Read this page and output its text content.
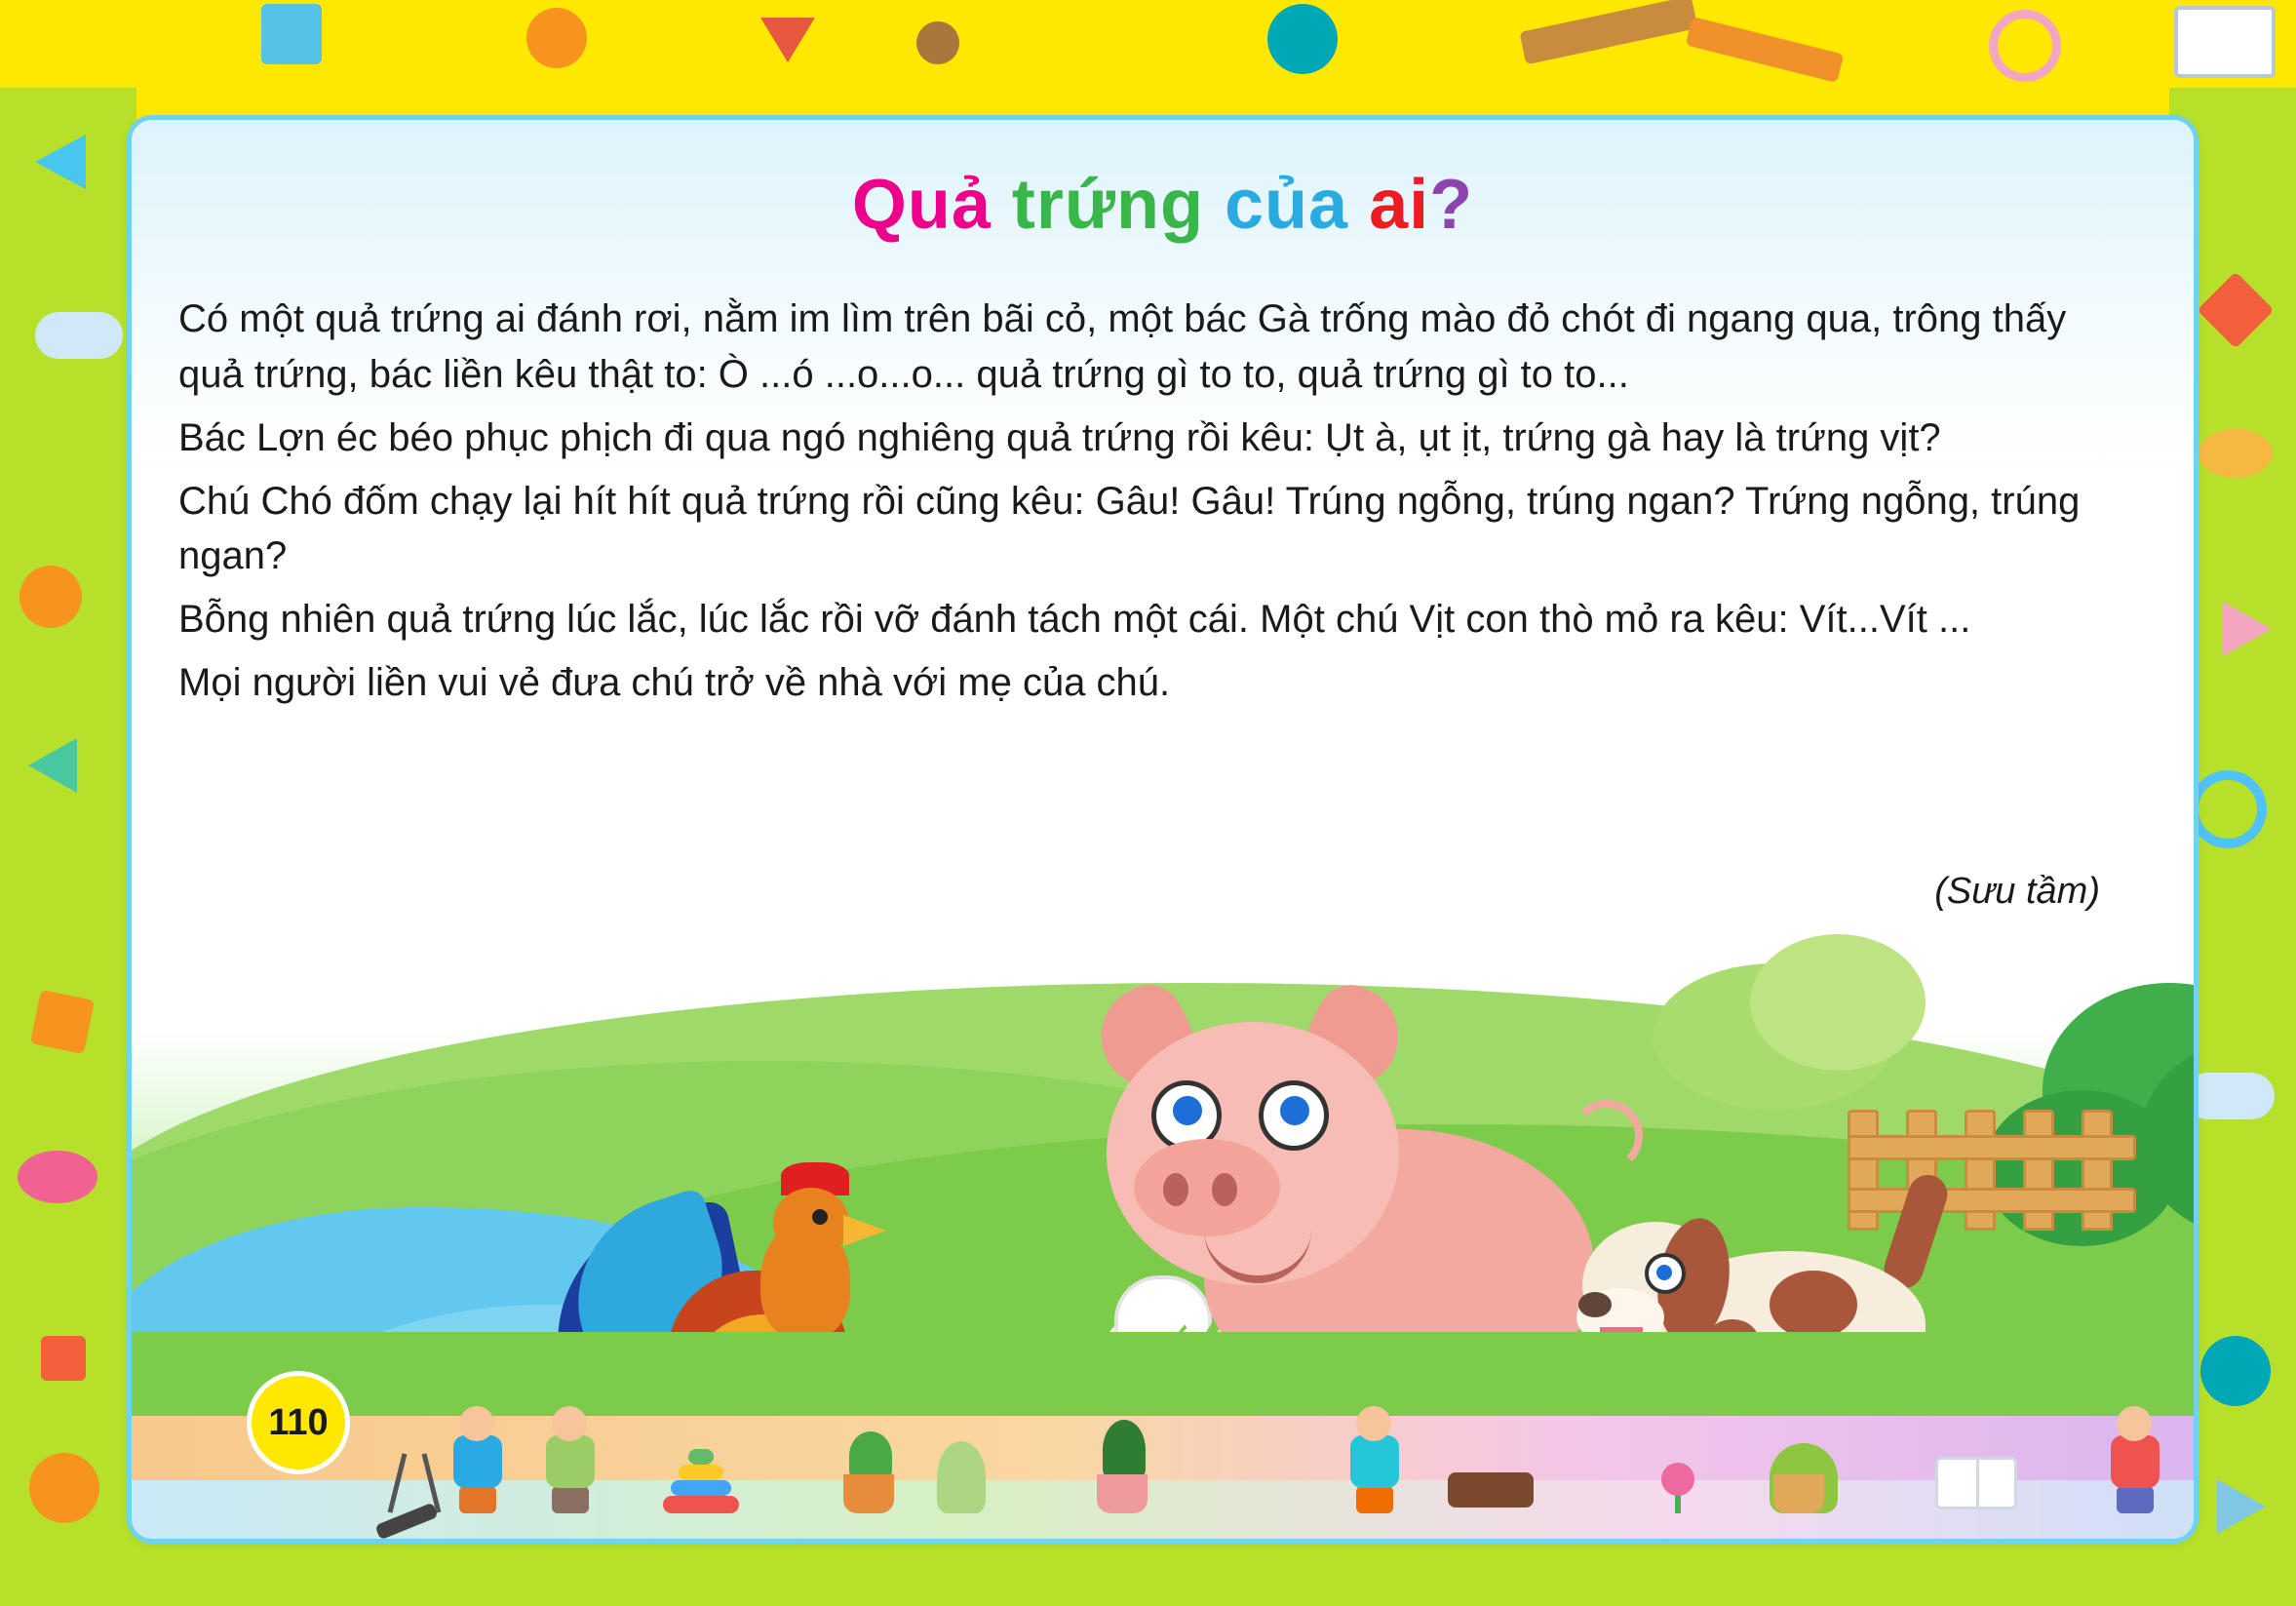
Quả trứng của ai?

Có một quả trứng ai đánh rơi, nằm im lìm trên bãi cỏ, một bác Gà trống mào đỏ chót đi ngang qua, trông thấy quả trứng, bác liền kêu thật to: Ò ...ó ...o...o... quả trứng gì to to, quả trứng gì to to...

Bác Lợn éc béo phục phịch đi qua ngó nghiêng quả trứng rồi kêu: Ụt à, ụt ịt, trứng gà hay là trứng vịt?

Chú Chó đốm chạy lại hít hít quả trứng rồi cũng kêu: Gâu! Gâu! Trúng ngỗng, trúng ngan? Trứng ngỗng, trúng ngan?

Bỗng nhiên quả trứng lúc lắc, lúc lắc rồi vỡ đánh tách một cái. Một chú Vịt con thò mỏ ra kêu: Vít...Vít ...

Mọi người liền vui vẻ đưa chú trở về nhà với mẹ của chú.

(Sưu tầm)
110
